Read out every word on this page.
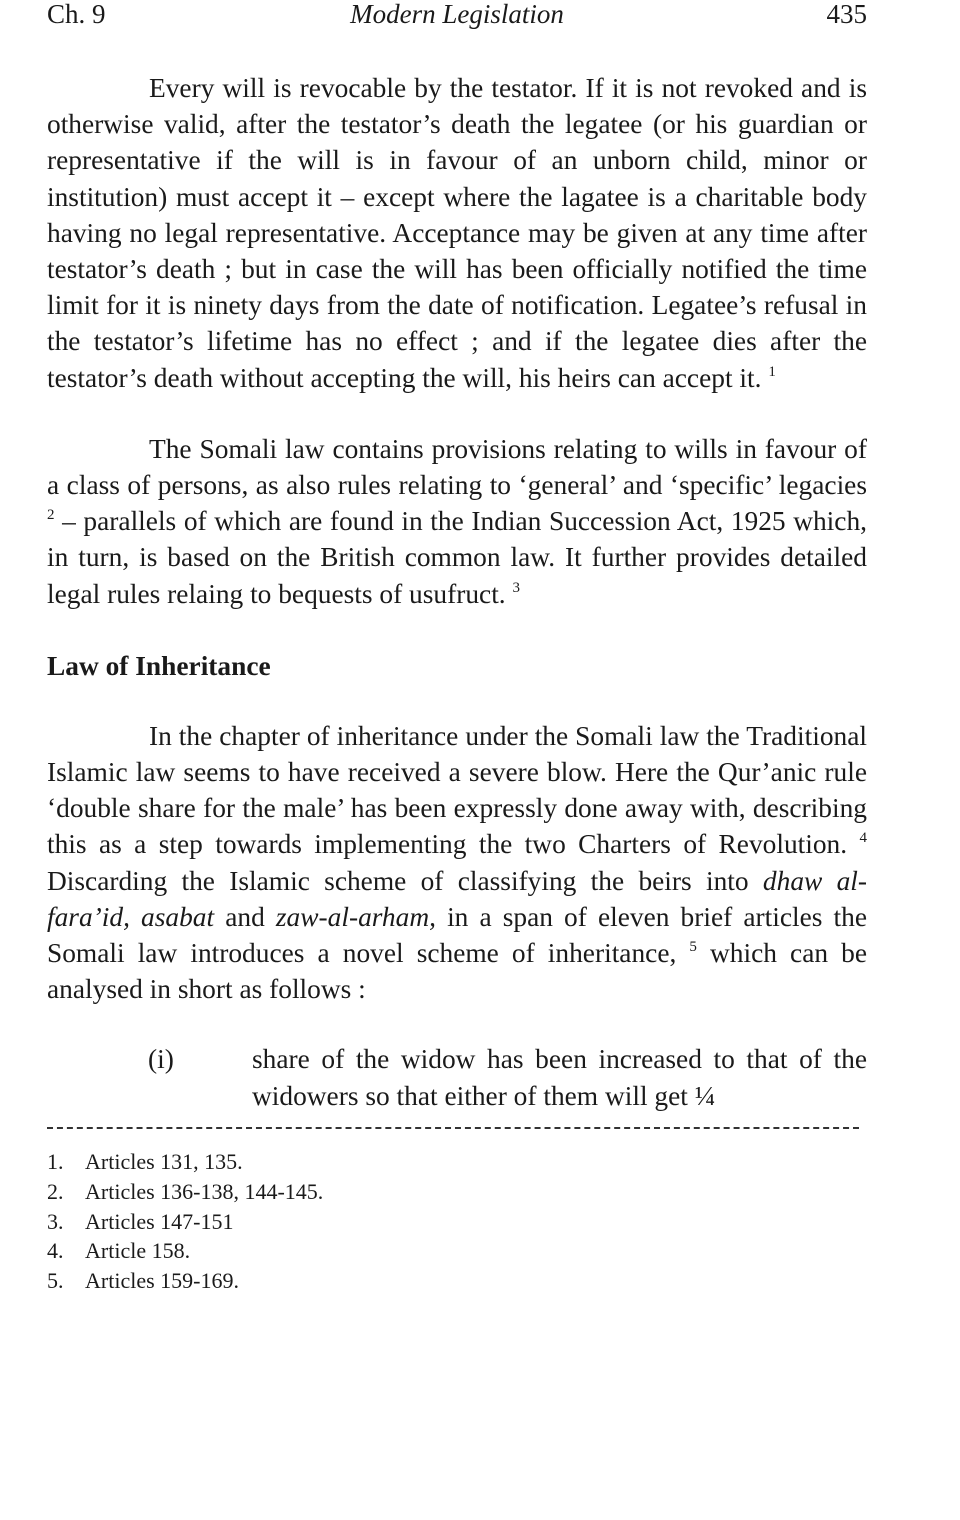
Ch. 9	Modern Legislation	435

Every will is revocable by the testator. If it is not revoked and is otherwise valid, after the testator’s death the legatee (or his guardian or representative if the will is in favour of an unborn child, minor or institution) must accept it – except where the lagatee is a charitable body having no legal representative. Acceptance may be given at any time after testator’s death ; but in case the will has been officially notified the time limit for it is ninety days from the date of notification. Legatee’s refusal in the testator’s lifetime has no effect ; and if the legatee dies after the testator’s death without accepting the will, his heirs can accept it. $^1$

The Somali law contains provisions relating to wills in favour of a class of persons, as also rules relating to ‘general’ and ‘specific’ legacies $^2$ – parallels of which are found in the Indian Succession Act, 1925 which, in turn, is based on the British common law. It further provides detailed legal rules relaing to bequests of usufruct. $^3$

Law of Inheritance

In the chapter of inheritance under the Somali law the Traditional Islamic law seems to have received a severe blow. Here the Qur’anic rule ‘double share for the male’ has been expressly done away with, describing this as a step towards implementing the two Charters of Revolution. $^4$ Discarding the Islamic scheme of classifying the beirs into dhaw al-fara’id, asabat and zaw-al-arham, in a span of eleven brief articles the Somali law introduces a novel scheme of inheritance, $^5$ which can be analysed in short as follows :

(i)	share of the widow has been increased to that of the widowers so that either of them will get ¼
1. Articles 131, 135.
2. Articles 136-138, 144-145.
3. Articles 147-151
4. Article 158.
5. Articles 159-169.
